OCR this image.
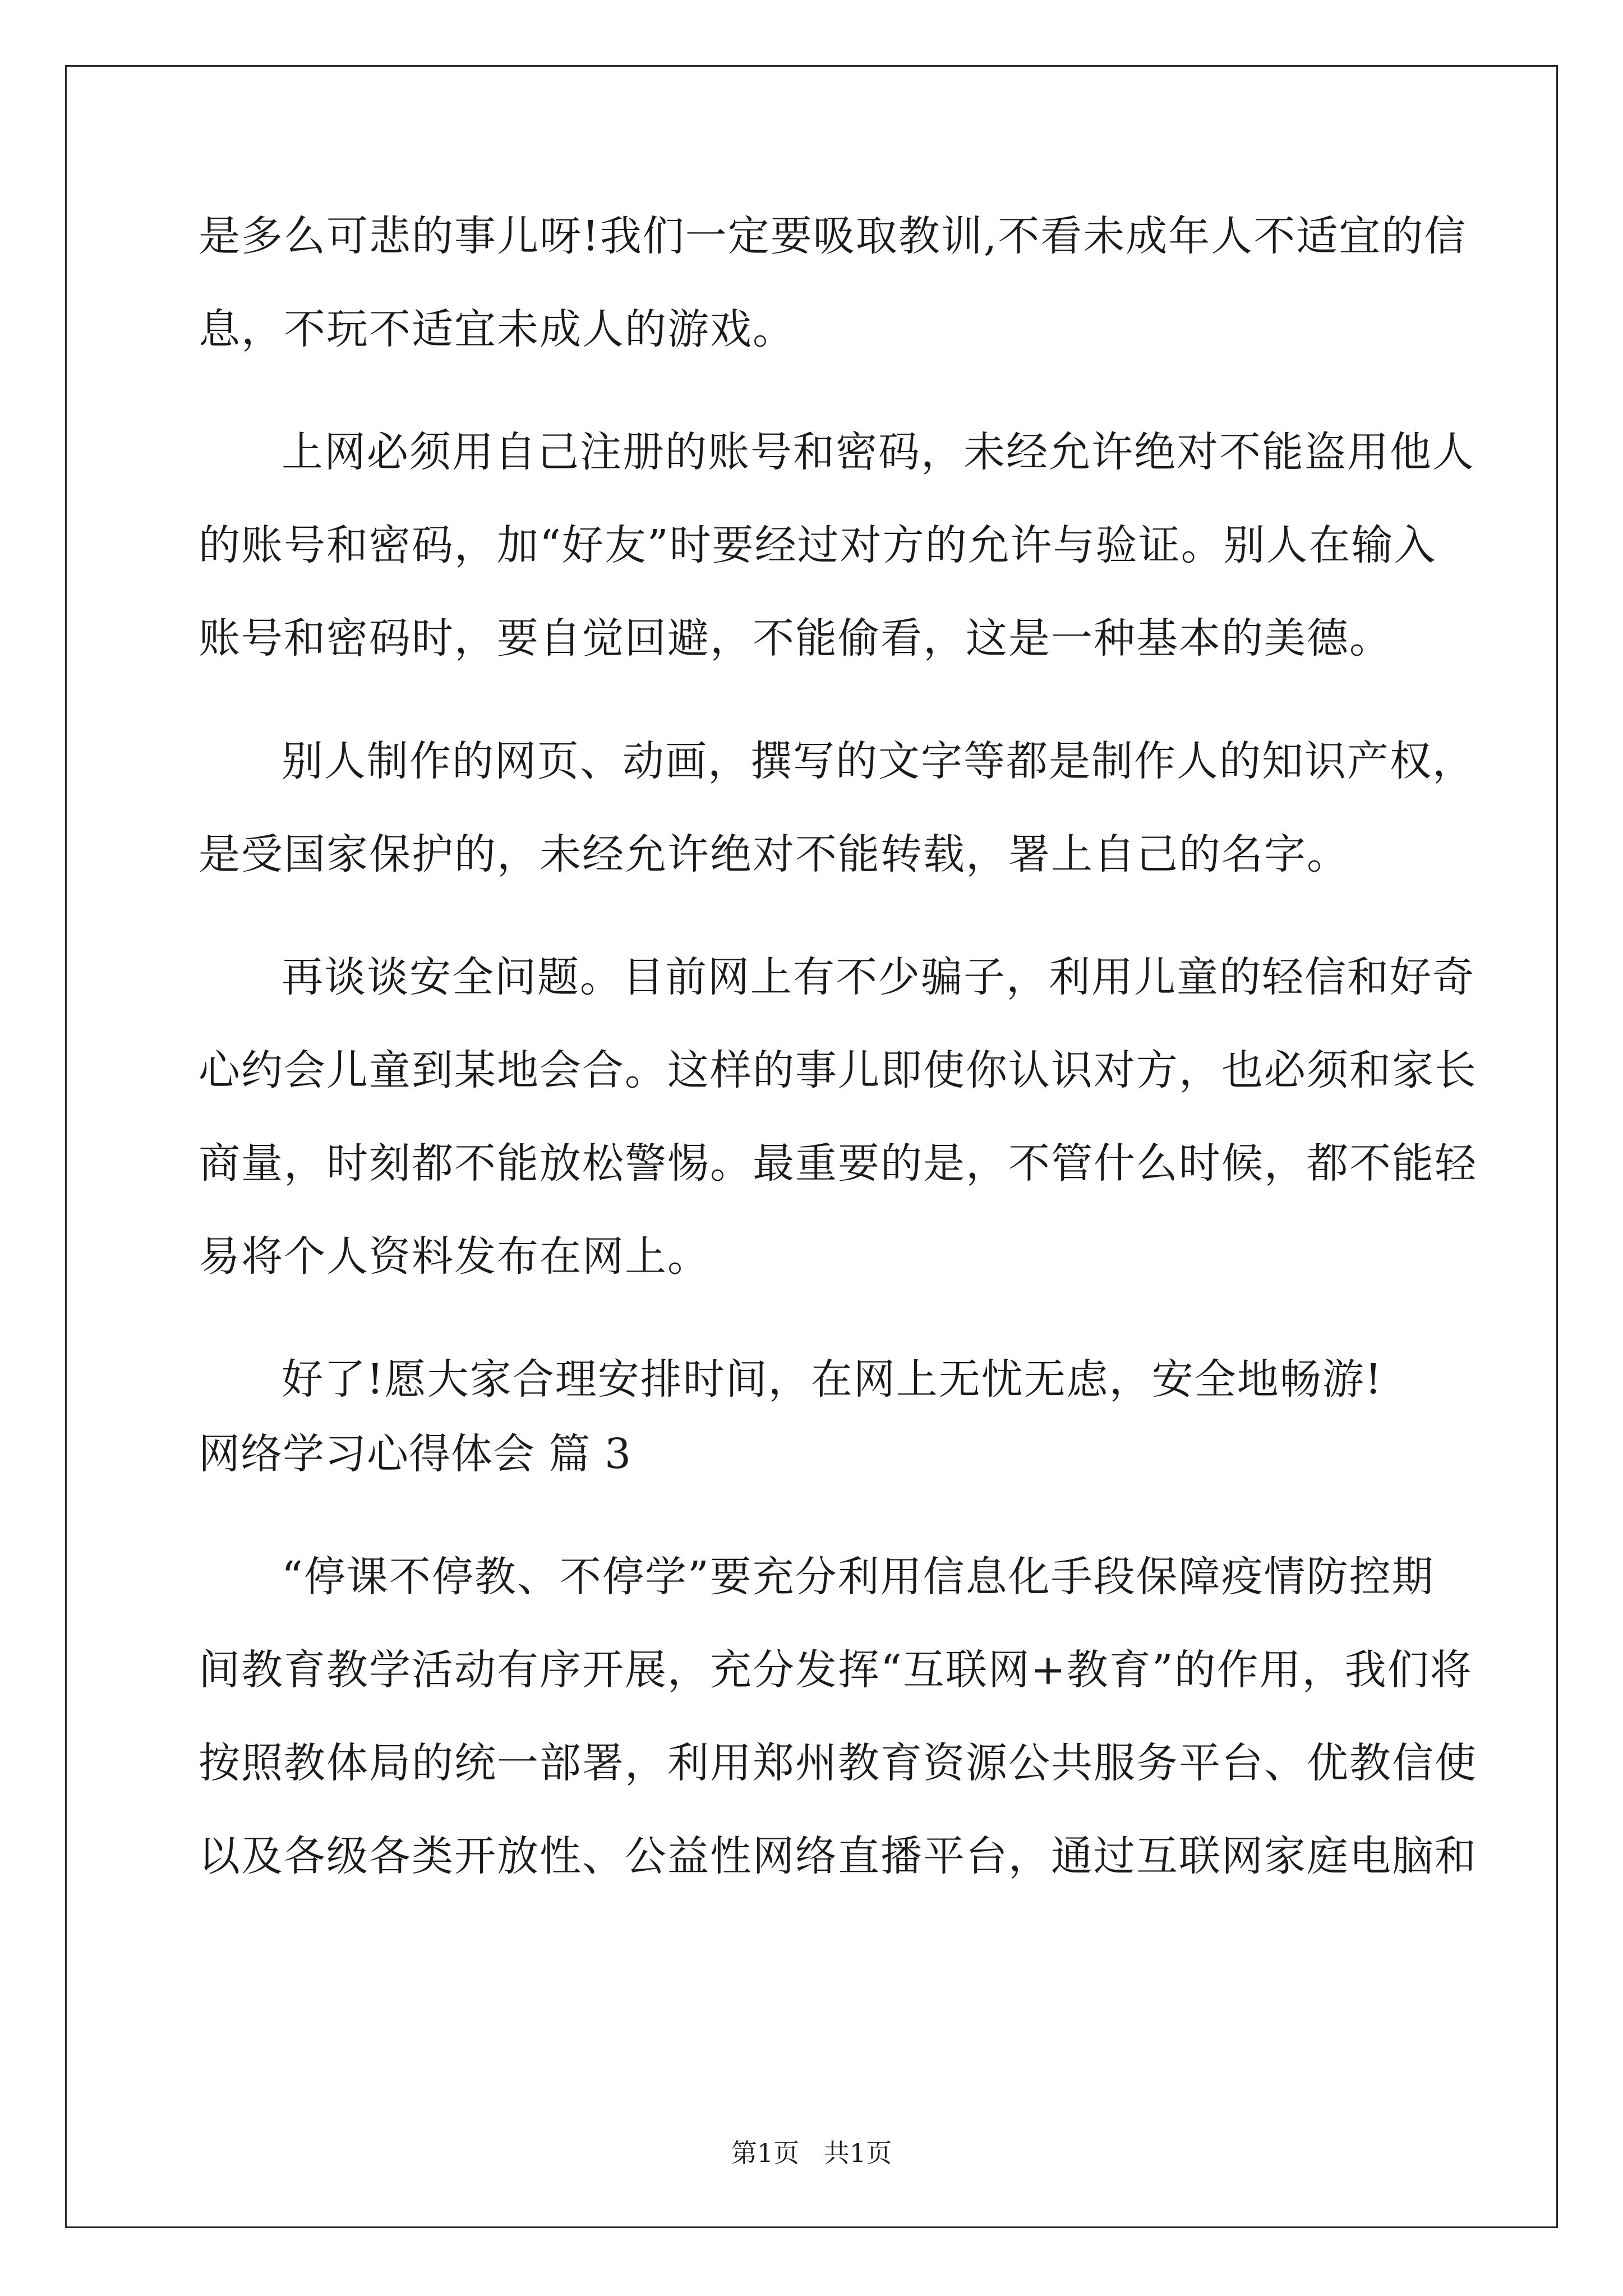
是多么可悲的事儿呀!我们一定要吸取教训,不看未成年人不适宜的信
息，不玩不适宜未成人的游戏。
上网必须用自己注册的账号和密码，未经允许绝对不能盗用他人
的账号和密码，加“好友”时要经过对方的允许与验证。别人在输入
账号和密码时，要自觉回避，不能偷看，这是一种基本的美德。
别人制作的网页、动画，撰写的文字等都是制作人的知识产权，
是受国家保护的，未经允许绝对不能转载，署上自己的名字。
再谈谈安全问题。目前网上有不少骗子，利用儿童的轻信和好奇
心约会儿童到某地会合。这样的事儿即使你认识对方，也必须和家长
商量，时刻都不能放松警惕。最重要的是，不管什么时候，都不能轻
易将个人资料发布在网上。
好了!愿大家合理安排时间，在网上无忧无虑，安全地畅游!
网络学习心得体会 篇 3
“停课不停教、不停学”要充分利用信息化手段保障疫情防控期
间教育教学活动有序开展，充分发挥“互联网+教育”的作用，我们将
按照教体局的统一部署，利用郑州教育资源公共服务平台、优教信使
以及各级各类开放性、公益性网络直播平台，通过互联网家庭电脑和
第1页   共1页
